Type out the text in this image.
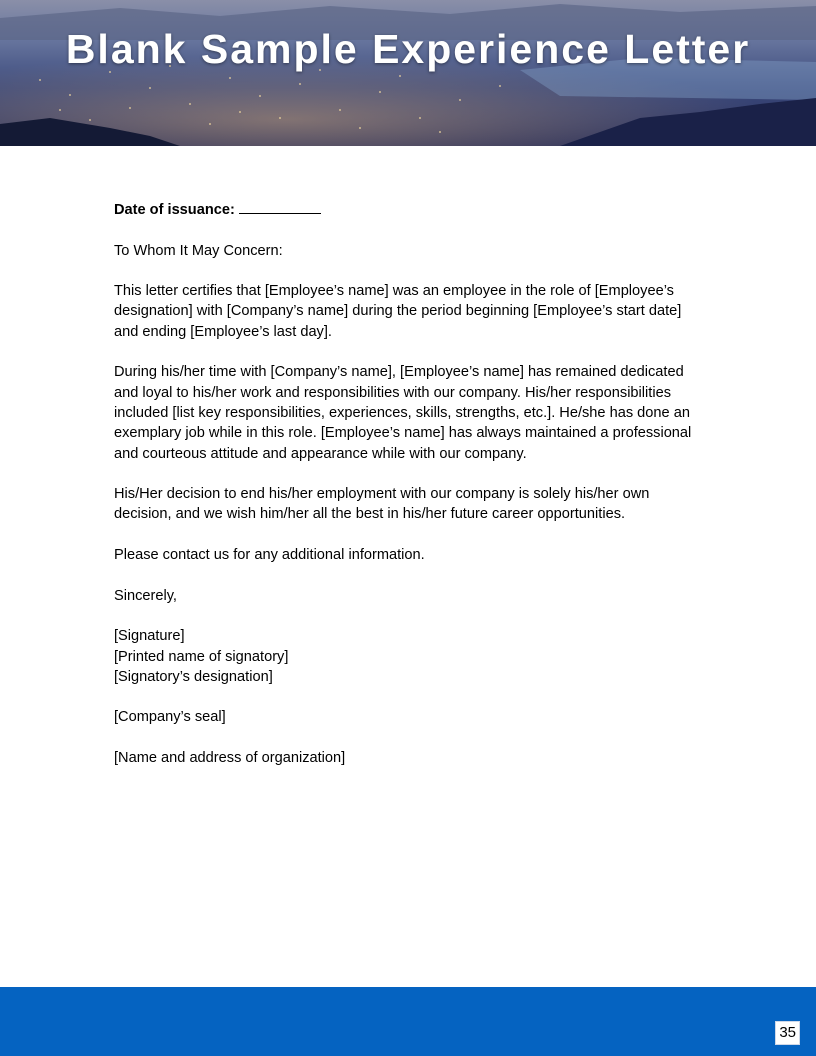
Blank Sample Experience Letter

Date of issuance:

To Whom It May Concern:

This letter certifies that [Employee’s name] was an employee in the role of [Employee’s designation] with [Company’s name] during the period beginning [Employee’s start date] and ending [Employee’s last day].

During his/her time with [Company’s name], [Employee’s name] has remained dedicated and loyal to his/her work and responsibilities with our company. His/her responsibilities included [list key responsibilities, experiences, skills, strengths, etc.]. He/she has done an exemplary job while in this role. [Employee’s name] has always maintained a professional and courteous attitude and appearance while with our company.

His/Her decision to end his/her employment with our company is solely his/her own decision, and we wish him/her all the best in his/her future career opportunities.

Please contact us for any additional information.

Sincerely,

[Signature]
[Printed name of signatory]
[Signatory’s designation]

[Company’s seal]

[Name and address of organization]

35
